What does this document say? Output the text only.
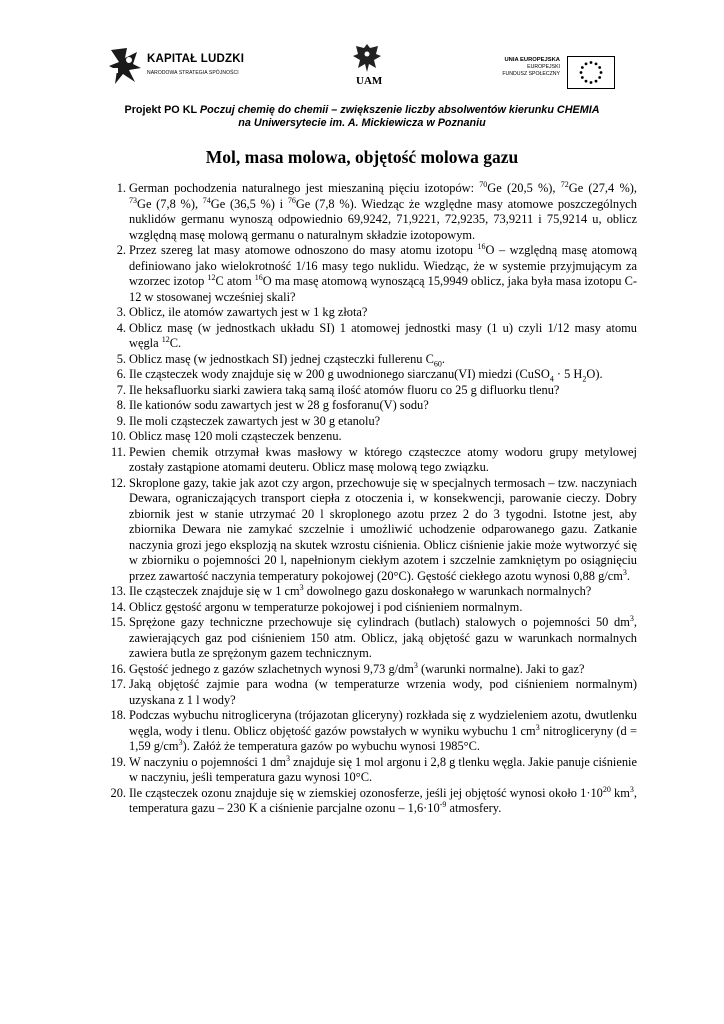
KAPITAŁ LUDZKI
NARODOWA STRATEGIA SPÓJNOŚCI
UAM
UNIA EUROPEJSKA
EUROPEJSKI
FUNDUSZ SPOŁECZNY
Projekt PO KL Poczuj chemię do chemii – zwiększenie liczby absolwentów kierunku CHEMIA
na Uniwersytecie im. A. Mickiewicza w Poznaniu
Mol, masa molowa, objętość molowa gazu
1. German pochodzenia naturalnego jest mieszaniną pięciu izotopów: $^{70}$Ge (20,5 %), $^{72}$Ge (27,4 %), $^{73}$Ge (7,8 %), $^{74}$Ge (36,5 %) i $^{76}$Ge (7,8 %). Wiedząc że względne masy atomowe poszczególnych nuklidów germanu wynoszą odpowiednio 69,9242, 71,9221, 72,9235, 73,9211 i 75,9214 u, oblicz względną masę molową germanu o naturalnym składzie izotopowym.
2. Przez szereg lat masy atomowe odnoszono do masy atomu izotopu $^{16}$O – względną masę atomową definiowano jako wielokrotność 1/16 masy tego nuklidu. Wiedząc, że w systemie przyjmującym za wzorzec izotop $^{12}$C atom $^{16}$O ma masę atomową wynoszącą 15,9949 oblicz, jaka była masa izotopu C-12 w stosowanej wcześniej skali?
3. Oblicz, ile atomów zawartych jest w 1 kg złota?
4. Oblicz masę (w jednostkach układu SI) 1 atomowej jednostki masy (1 u) czyli 1/12 masy atomu węgla $^{12}$C.
5. Oblicz masę (w jednostkach SI) jednej cząsteczki fullerenu $C_{60}$.
6. Ile cząsteczek wody znajduje się w 200 g uwodnionego siarczanu(VI) miedzi (CuSO$_4$ · 5 $H_2O$).
7. Ile heksafluorku siarki zawiera taką samą ilość atomów fluoru co 25 g difluorku tlenu?
8. Ile kationów sodu zawartych jest w 28 g fosforanu(V) sodu?
9. Ile moli cząsteczek zawartych jest w 30 g etanolu?
10. Oblicz masę 120 moli cząsteczek benzenu.
11. Pewien chemik otrzymał kwas masłowy w którego cząsteczce atomy wodoru grupy metylowej zostały zastąpione atomami deuteru. Oblicz masę molową tego związku.
12. Skroplone gazy, takie jak azot czy argon, przechowuje się w specjalnych termosach – tzw. naczyniach Dewara, ograniczających transport ciepła z otoczenia i, w konsekwencji, parowanie cieczy. Dobry zbiornik jest w stanie utrzymać 20 l skroplonego azotu przez 2 do 3 tygodni. Istotne jest, aby zbiornika Dewara nie zamykać szczelnie i umożliwić uchodzenie odparowanego gazu. Zatkanie naczynia grozi jego eksplozją na skutek wzrostu ciśnienia. Oblicz ciśnienie jakie może wytworzyć się w zbiorniku o pojemności 20 l, napełnionym ciekłym azotem i szczelnie zamkniętym po osiągnięciu przez zawartość naczynia temperatury pokojowej (20°C). Gęstość ciekłego azotu wynosi 0,88 $g/cm^3$.
13. Ile cząsteczek znajduje się w 1 $cm^3$ dowolnego gazu doskonałego w warunkach normalnych?
14. Oblicz gęstość argonu w temperaturze pokojowej i pod ciśnieniem normalnym.
15. Sprężone gazy techniczne przechowuje się cylindrach (butlach) stalowych o pojemności 50 $dm^3$, zawierających gaz pod ciśnieniem 150 atm. Oblicz, jaką objętość gazu w warunkach normalnych zawiera butla ze sprężonym gazem technicznym.
16. Gęstość jednego z gazów szlachetnych wynosi 9,73 $g/dm^3$ (warunki normalne). Jaki to gaz?
17. Jaką objętość zajmie para wodna (w temperaturze wrzenia wody, pod ciśnieniem normalnym) uzyskana z 1 l wody?
18. Podczas wybuchu nitrogliceryna (trójazotan gliceryny) rozkłada się z wydzieleniem azotu, dwutlenku węgla, wody i tlenu. Oblicz objętość gazów powstałych w wyniku wybuchu 1 $cm^3$ nitrogliceryny (d = 1,59 $g/cm^3$). Załóż że temperatura gazów po wybuchu wynosi 1985°C.
19. W naczyniu o pojemności 1 $dm^3$ znajduje się 1 mol argonu i 2,8 g tlenku węgla. Jakie panuje ciśnienie w naczyniu, jeśli temperatura gazu wynosi 10°C.
20. Ile cząsteczek ozonu znajduje się w ziemskiej ozonosferze, jeśli jej objętość wynosi około $1\cdot 10^{20}$ $km^3$, temperatura gazu – 230 K a ciśnienie parcjalne ozonu – $1,6\cdot 10^{-9}$ atmosfery.
